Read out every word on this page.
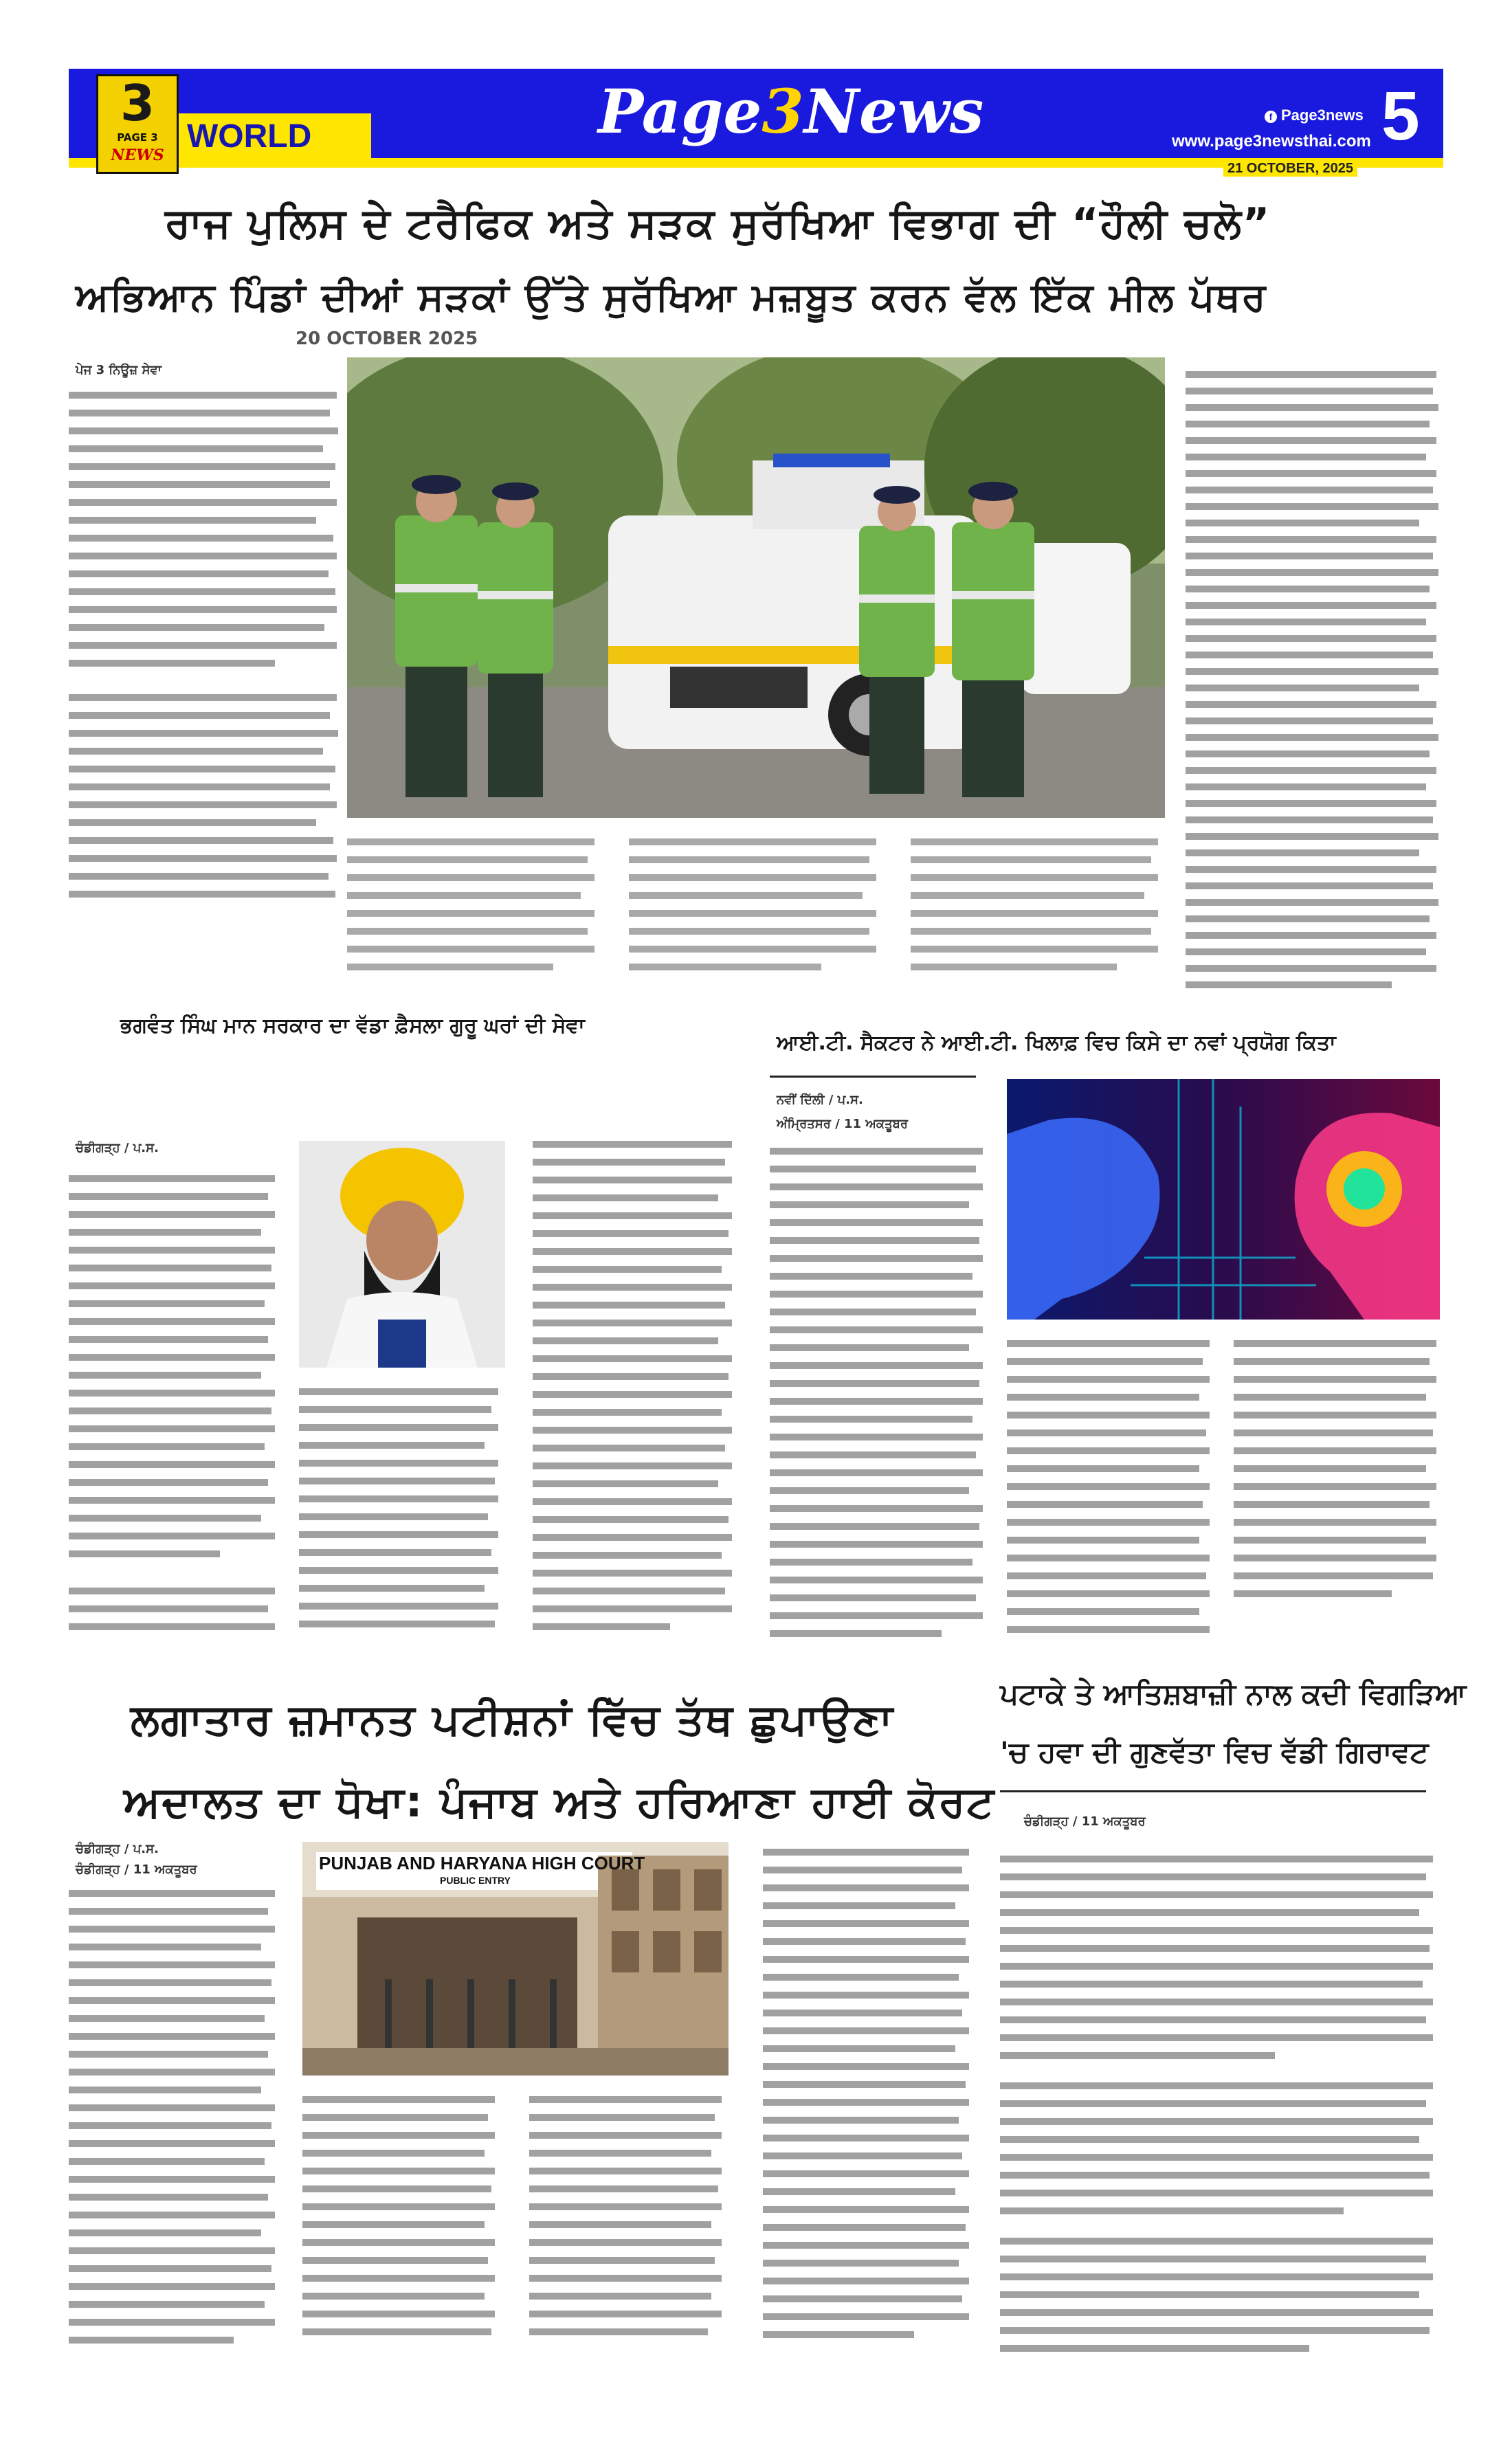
3
PAGE 3
NEWS
WORLD	Page3News	f Page3news
www.page3newsthai.com 5
21 OCTOBER, 2025
ਰਾਜ ਪੁਲਿਸ ਦੇ ਟਰੈਫਿਕ ਅਤੇ ਸੜਕ ਸੁਰੱਖਿਆ ਵਿਭਾਗ ਦੀ “ਹੌਲੀ ਚਲੋ”
ਅਭਿਆਨ ਪਿੰਡਾਂ ਦੀਆਂ ਸੜਕਾਂ ਉੱਤੇ ਸੁਰੱਖਿਆ ਮਜ਼ਬੂਤ ਕਰਨ ਵੱਲ ਇੱਕ ਮੀਲ ਪੱਥਰ
20 OCTOBER 2025
ਪੇਜ 3 ਨਿਊਜ਼ ਸੇਵਾ
ਭਗਵੰਤ ਸਿੰਘ ਮਾਨ ਸਰਕਾਰ ਦਾ ਵੱਡਾ ਫ਼ੈਸਲਾ ਗੁਰੂ ਘਰਾਂ ਦੀ ਸੇਵਾ
ਚੰਡੀਗੜ੍ਹ / ਪ.ਸ.
ਆਈ.ਟੀ. ਸੈਕਟਰ ਨੇ ਆਈ.ਟੀ. ਖਿਲਾਫ਼ ਵਿਚ ਕਿਸੇ ਦਾ ਨਵਾਂ ਪ੍ਰਯੋਗ ਕਿਤਾ
ਨਵੀਂ ਦਿੱਲੀ / ਪ.ਸ.
ਅੰਮ੍ਰਿਤਸਰ / 11 ਅਕਤੂਬਰ
ਲਗਾਤਾਰ ਜ਼ਮਾਨਤ ਪਟੀਸ਼ਨਾਂ ਵਿੱਚ ਤੱਥ ਛੁਪਾਉਣਾ
ਅਦਾਲਤ ਦਾ ਧੋਖਾ: ਪੰਜਾਬ ਅਤੇ ਹਰਿਆਣਾ ਹਾਈ ਕੋਰਟ
ਚੰਡੀਗੜ੍ਹ / ਪ.ਸ.
ਚੰਡੀਗੜ੍ਹ / 11 ਅਕਤੂਬਰ	PUNJAB AND HARYANA HIGH COURT
PUBLIC ENTRY
ਪਟਾਕੇ ਤੇ ਆਤਿਸ਼ਬਾਜ਼ੀ ਨਾਲ ਕਦੀ ਵਿਗੜਿਆ
'ਚ ਹਵਾ ਦੀ ਗੁਣਵੱਤਾ ਵਿਚ ਵੱਡੀ ਗਿਰਾਵਟ
ਚੰਡੀਗੜ੍ਹ / 11 ਅਕਤੂਬਰ
